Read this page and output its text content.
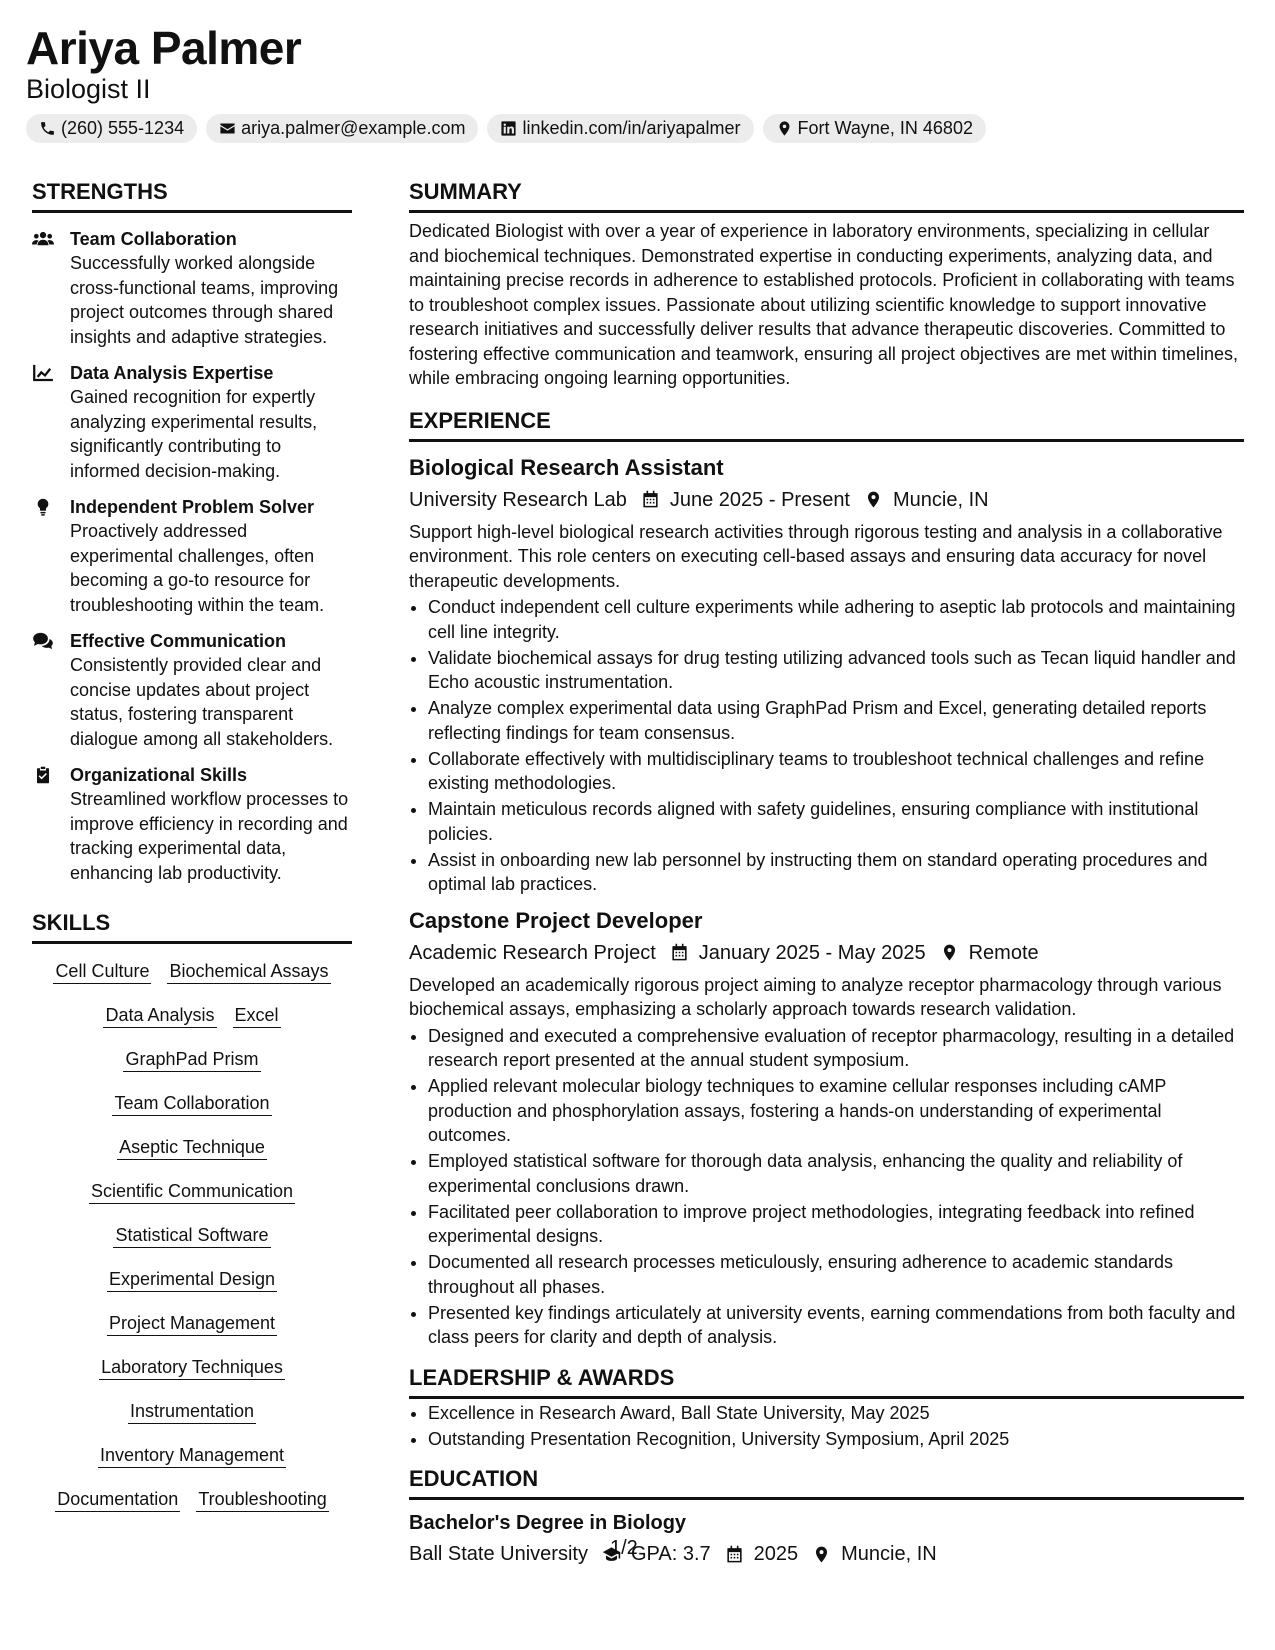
Ariya Palmer
Biologist II
(260) 555-1234	ariya.palmer@example.com	linkedin.com/in/ariyapalmer	Fort Wayne, IN 46802
STRENGTHS
Team Collaboration
Successfully worked alongside cross-functional teams, improving project outcomes through shared insights and adaptive strategies.
Data Analysis Expertise
Gained recognition for expertly analyzing experimental results, significantly contributing to informed decision-making.
Independent Problem Solver
Proactively addressed experimental challenges, often becoming a go-to resource for troubleshooting within the team.
Effective Communication
Consistently provided clear and concise updates about project status, fostering transparent dialogue among all stakeholders.
Organizational Skills
Streamlined workflow processes to improve efficiency in recording and tracking experimental data, enhancing lab productivity.
SKILLS
Cell Culture Biochemical Assays
Data Analysis Excel
GraphPad Prism
Team Collaboration
Aseptic Technique
Scientific Communication
Statistical Software
Experimental Design
Project Management
Laboratory Techniques
Instrumentation
Inventory Management
Documentation Troubleshooting
SUMMARY
Dedicated Biologist with over a year of experience in laboratory environments, specializing in cellular and biochemical techniques. Demonstrated expertise in conducting experiments, analyzing data, and maintaining precise records in adherence to established protocols. Proficient in collaborating with teams to troubleshoot complex issues. Passionate about utilizing scientific knowledge to support innovative research initiatives and successfully deliver results that advance therapeutic discoveries. Committed to fostering effective communication and teamwork, ensuring all project objectives are met within timelines, while embracing ongoing learning opportunities.
EXPERIENCE
Biological Research Assistant
University Research Lab June 2025 - Present Muncie, IN
Support high-level biological research activities through rigorous testing and analysis in a collaborative environment. This role centers on executing cell-based assays and ensuring data accuracy for novel therapeutic developments.
• Conduct independent cell culture experiments while adhering to aseptic lab protocols and maintaining cell line integrity.
• Validate biochemical assays for drug testing utilizing advanced tools such as Tecan liquid handler and Echo acoustic instrumentation.
• Analyze complex experimental data using GraphPad Prism and Excel, generating detailed reports reflecting findings for team consensus.
• Collaborate effectively with multidisciplinary teams to troubleshoot technical challenges and refine existing methodologies.
• Maintain meticulous records aligned with safety guidelines, ensuring compliance with institutional policies.
• Assist in onboarding new lab personnel by instructing them on standard operating procedures and optimal lab practices.
Capstone Project Developer
Academic Research Project January 2025 - May 2025 Remote
Developed an academically rigorous project aiming to analyze receptor pharmacology through various biochemical assays, emphasizing a scholarly approach towards research validation.
• Designed and executed a comprehensive evaluation of receptor pharmacology, resulting in a detailed research report presented at the annual student symposium.
• Applied relevant molecular biology techniques to examine cellular responses including cAMP production and phosphorylation assays, fostering a hands-on understanding of experimental outcomes.
• Employed statistical software for thorough data analysis, enhancing the quality and reliability of experimental conclusions drawn.
• Facilitated peer collaboration to improve project methodologies, integrating feedback into refined experimental designs.
• Documented all research processes meticulously, ensuring adherence to academic standards throughout all phases.
• Presented key findings articulately at university events, earning commendations from both faculty and class peers for clarity and depth of analysis.
LEADERSHIP & AWARDS
• Excellence in Research Award, Ball State University, May 2025
• Outstanding Presentation Recognition, University Symposium, April 2025
EDUCATION
Bachelor's Degree in Biology
Ball State University GPA: 3.7 2025 Muncie, IN
1/2
